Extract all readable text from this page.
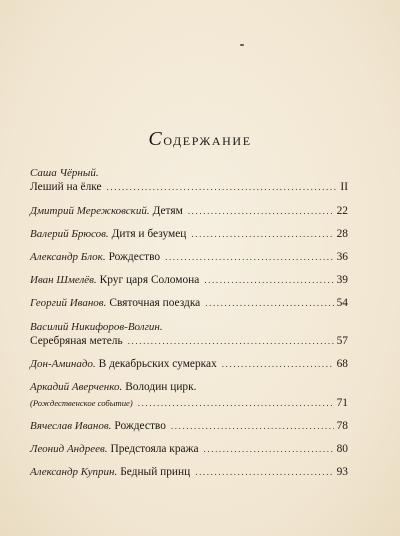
Содержание
Саша Чёрный.
Леший на ёлке .....	II
Дмитрий Мережковский. Детям .....	22
Валерий Брюсов. Дитя и безумец .....	28
Александр Блок. Рождество .....	36
Иван Шмелёв. Круг царя Соломона .....	39
Георгий Иванов. Святочная поездка .....	54
Василий Никифоров-Волгин.
Серебряная метель .....	57
Дон-Аминадо. В декабрьских сумерках .....	68
Аркадий Аверченко. Володин цирк.
(Рождественское событие) .....	71
Вячеслав Иванов. Рождество .....	78
Леонид Андреев. Предстояла кража .....	80
Александр Куприн. Бедный принц .....	93
